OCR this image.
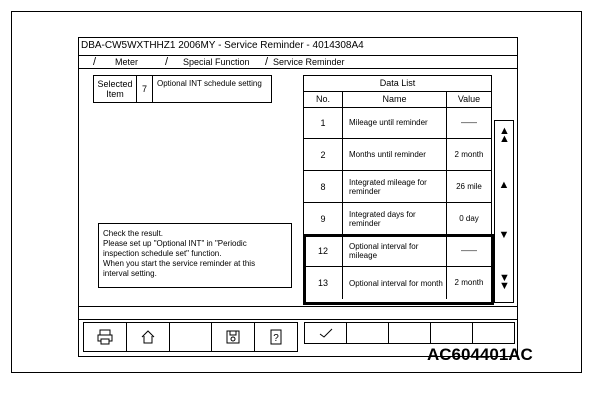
DBA-CW5WXTHHZ1 2006MY - Service Reminder - 4014308A4
/ Meter / Special Function / Service Reminder
Selected Item	7
Optional INT schedule setting
Check the result.
Please set up "Optional INT" in "Periodic
inspection schedule set" function.
When you start the service reminder at this
interval setting.
Data List
No.	Name	Value
1	Mileage until reminder	——
2	Months until reminder	2 month
8	Integrated mileage for reminder	26 mile
9	Integrated days for reminder	0 day
12	Optional interval for mileage	——
13	Optional interval for month	2 month
▲▲
▲
▼
▼▼
?
AC604401AC
